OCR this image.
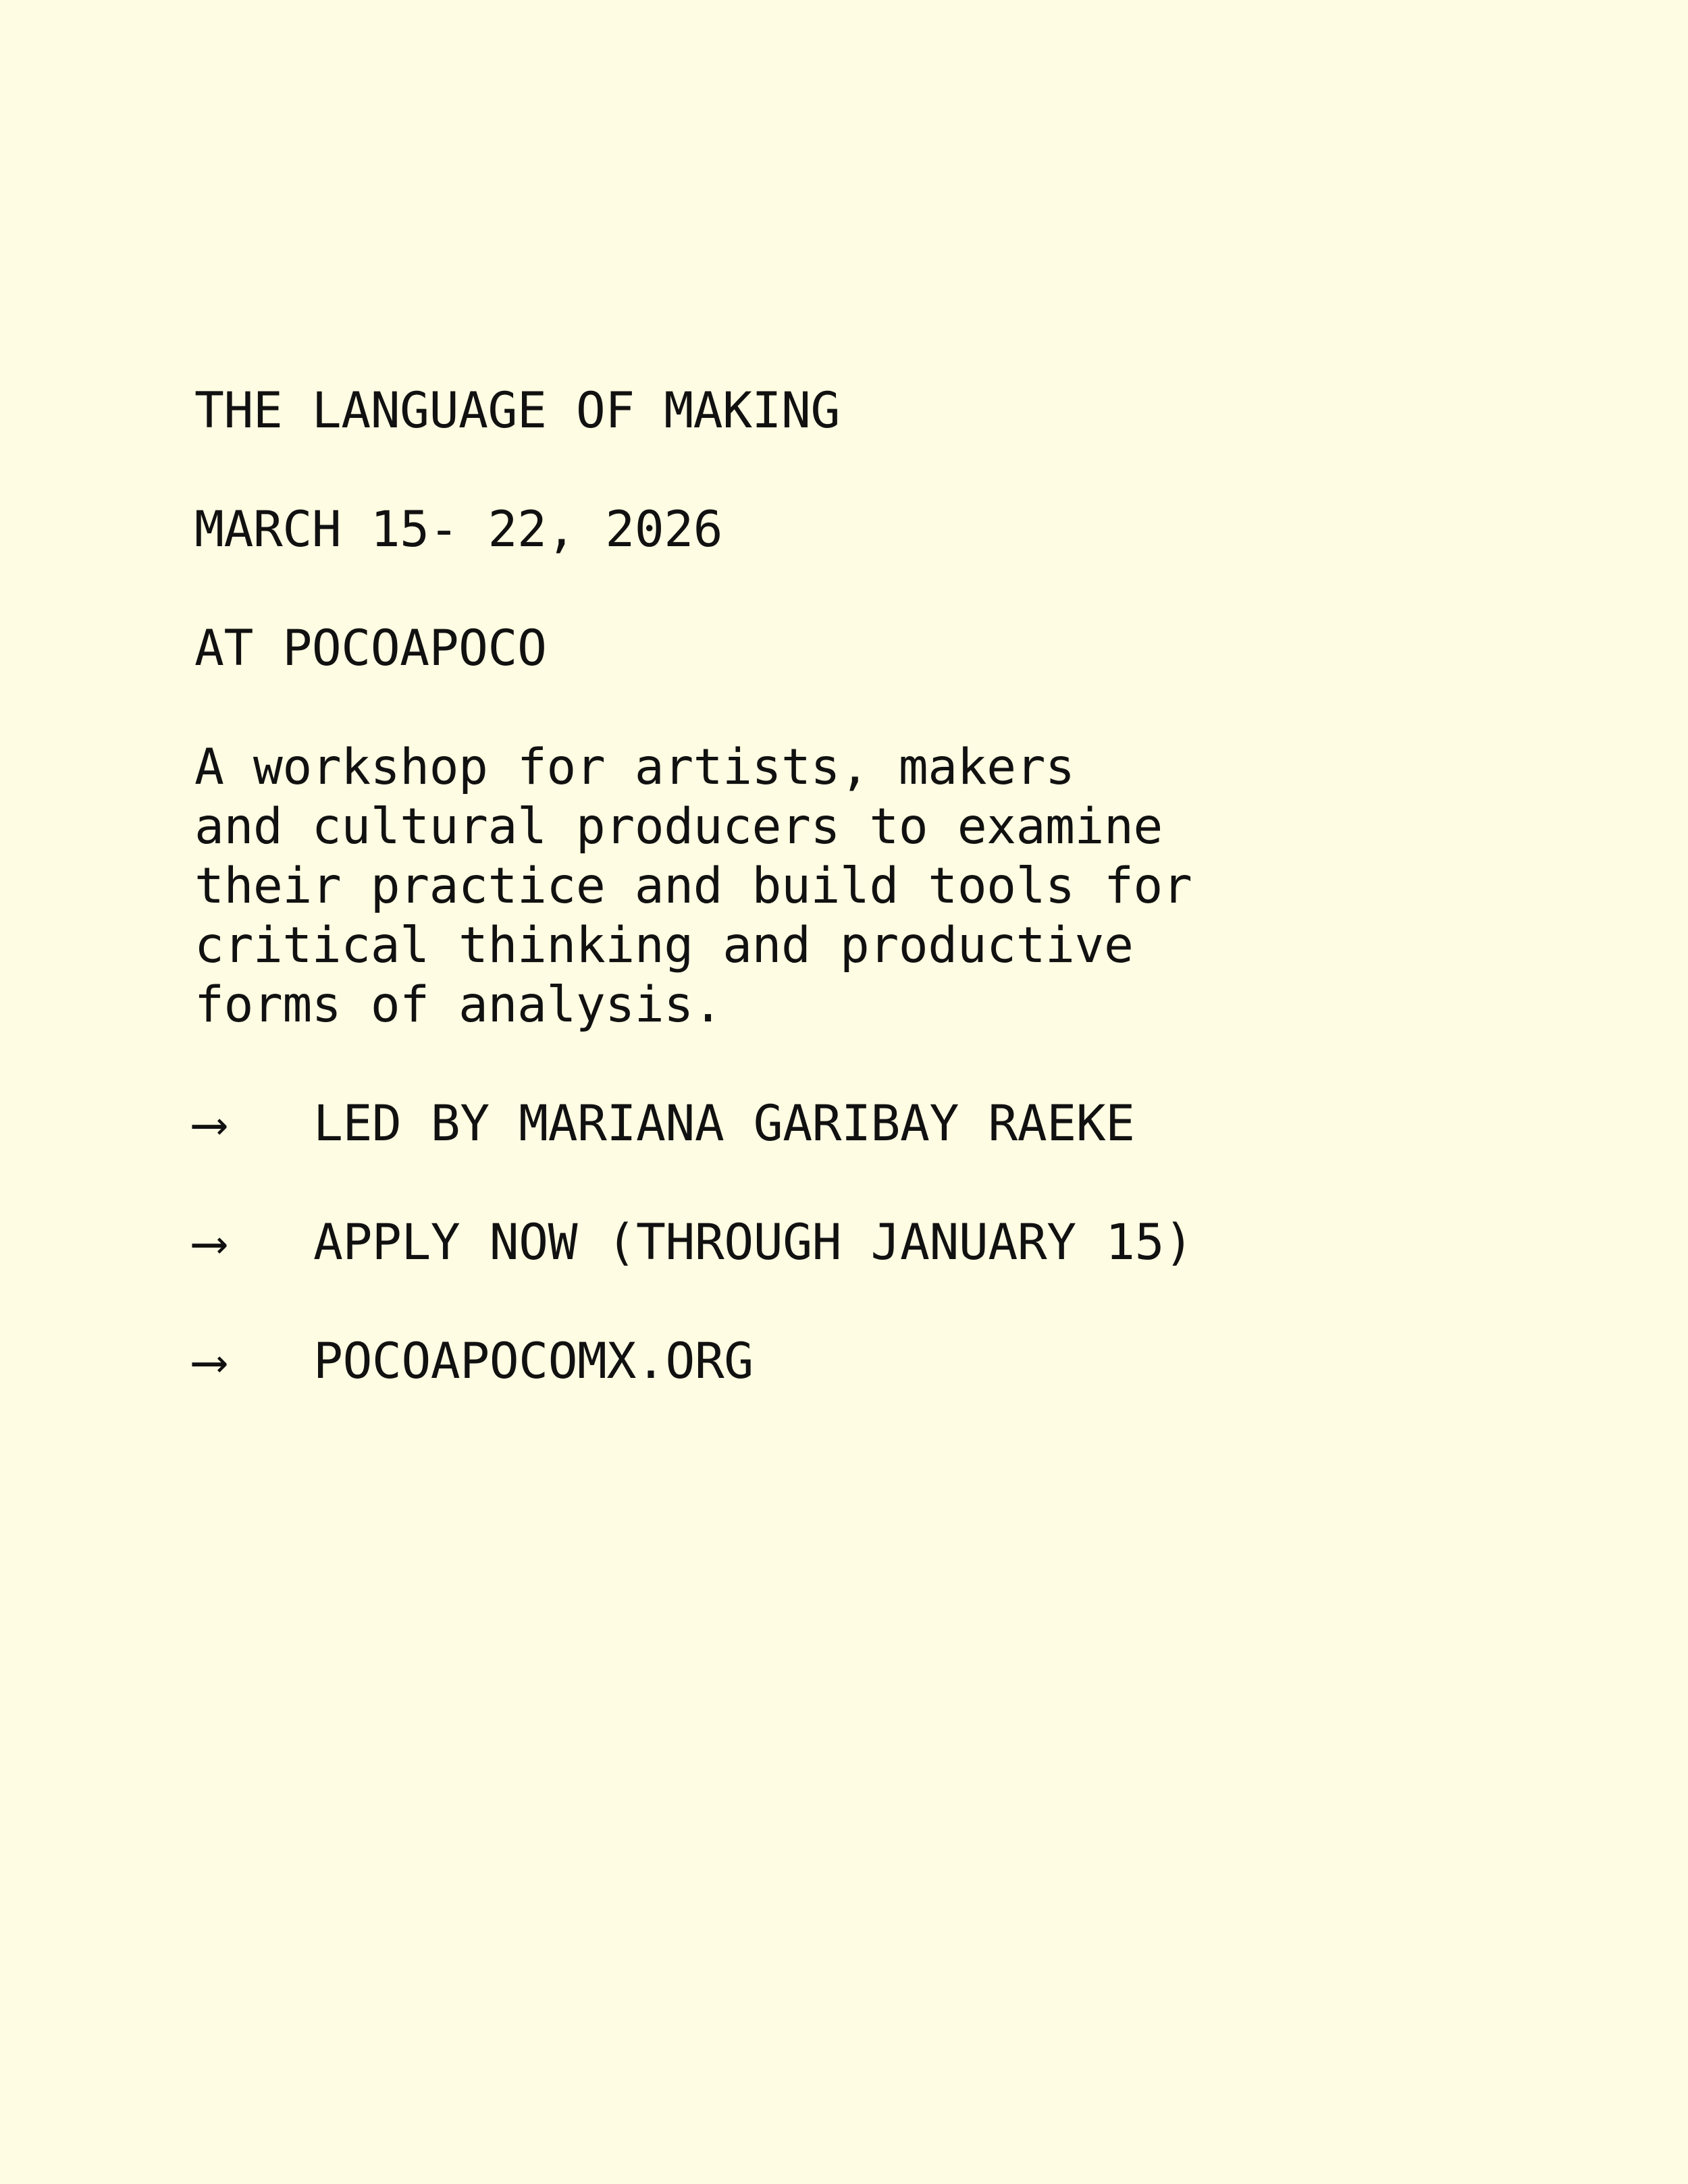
THE LANGUAGE OF MAKING

MARCH 15- 22, 2026

AT POCOAPOCO

A workshop for artists, makers
and cultural producers to examine
their practice and build tools for
critical thinking and productive
forms of analysis.
⟶	LED BY MARIANA GARIBAY RAEKE
⟶	APPLY NOW (THROUGH JANUARY 15)
⟶	POCOAPOCOMX.ORG
